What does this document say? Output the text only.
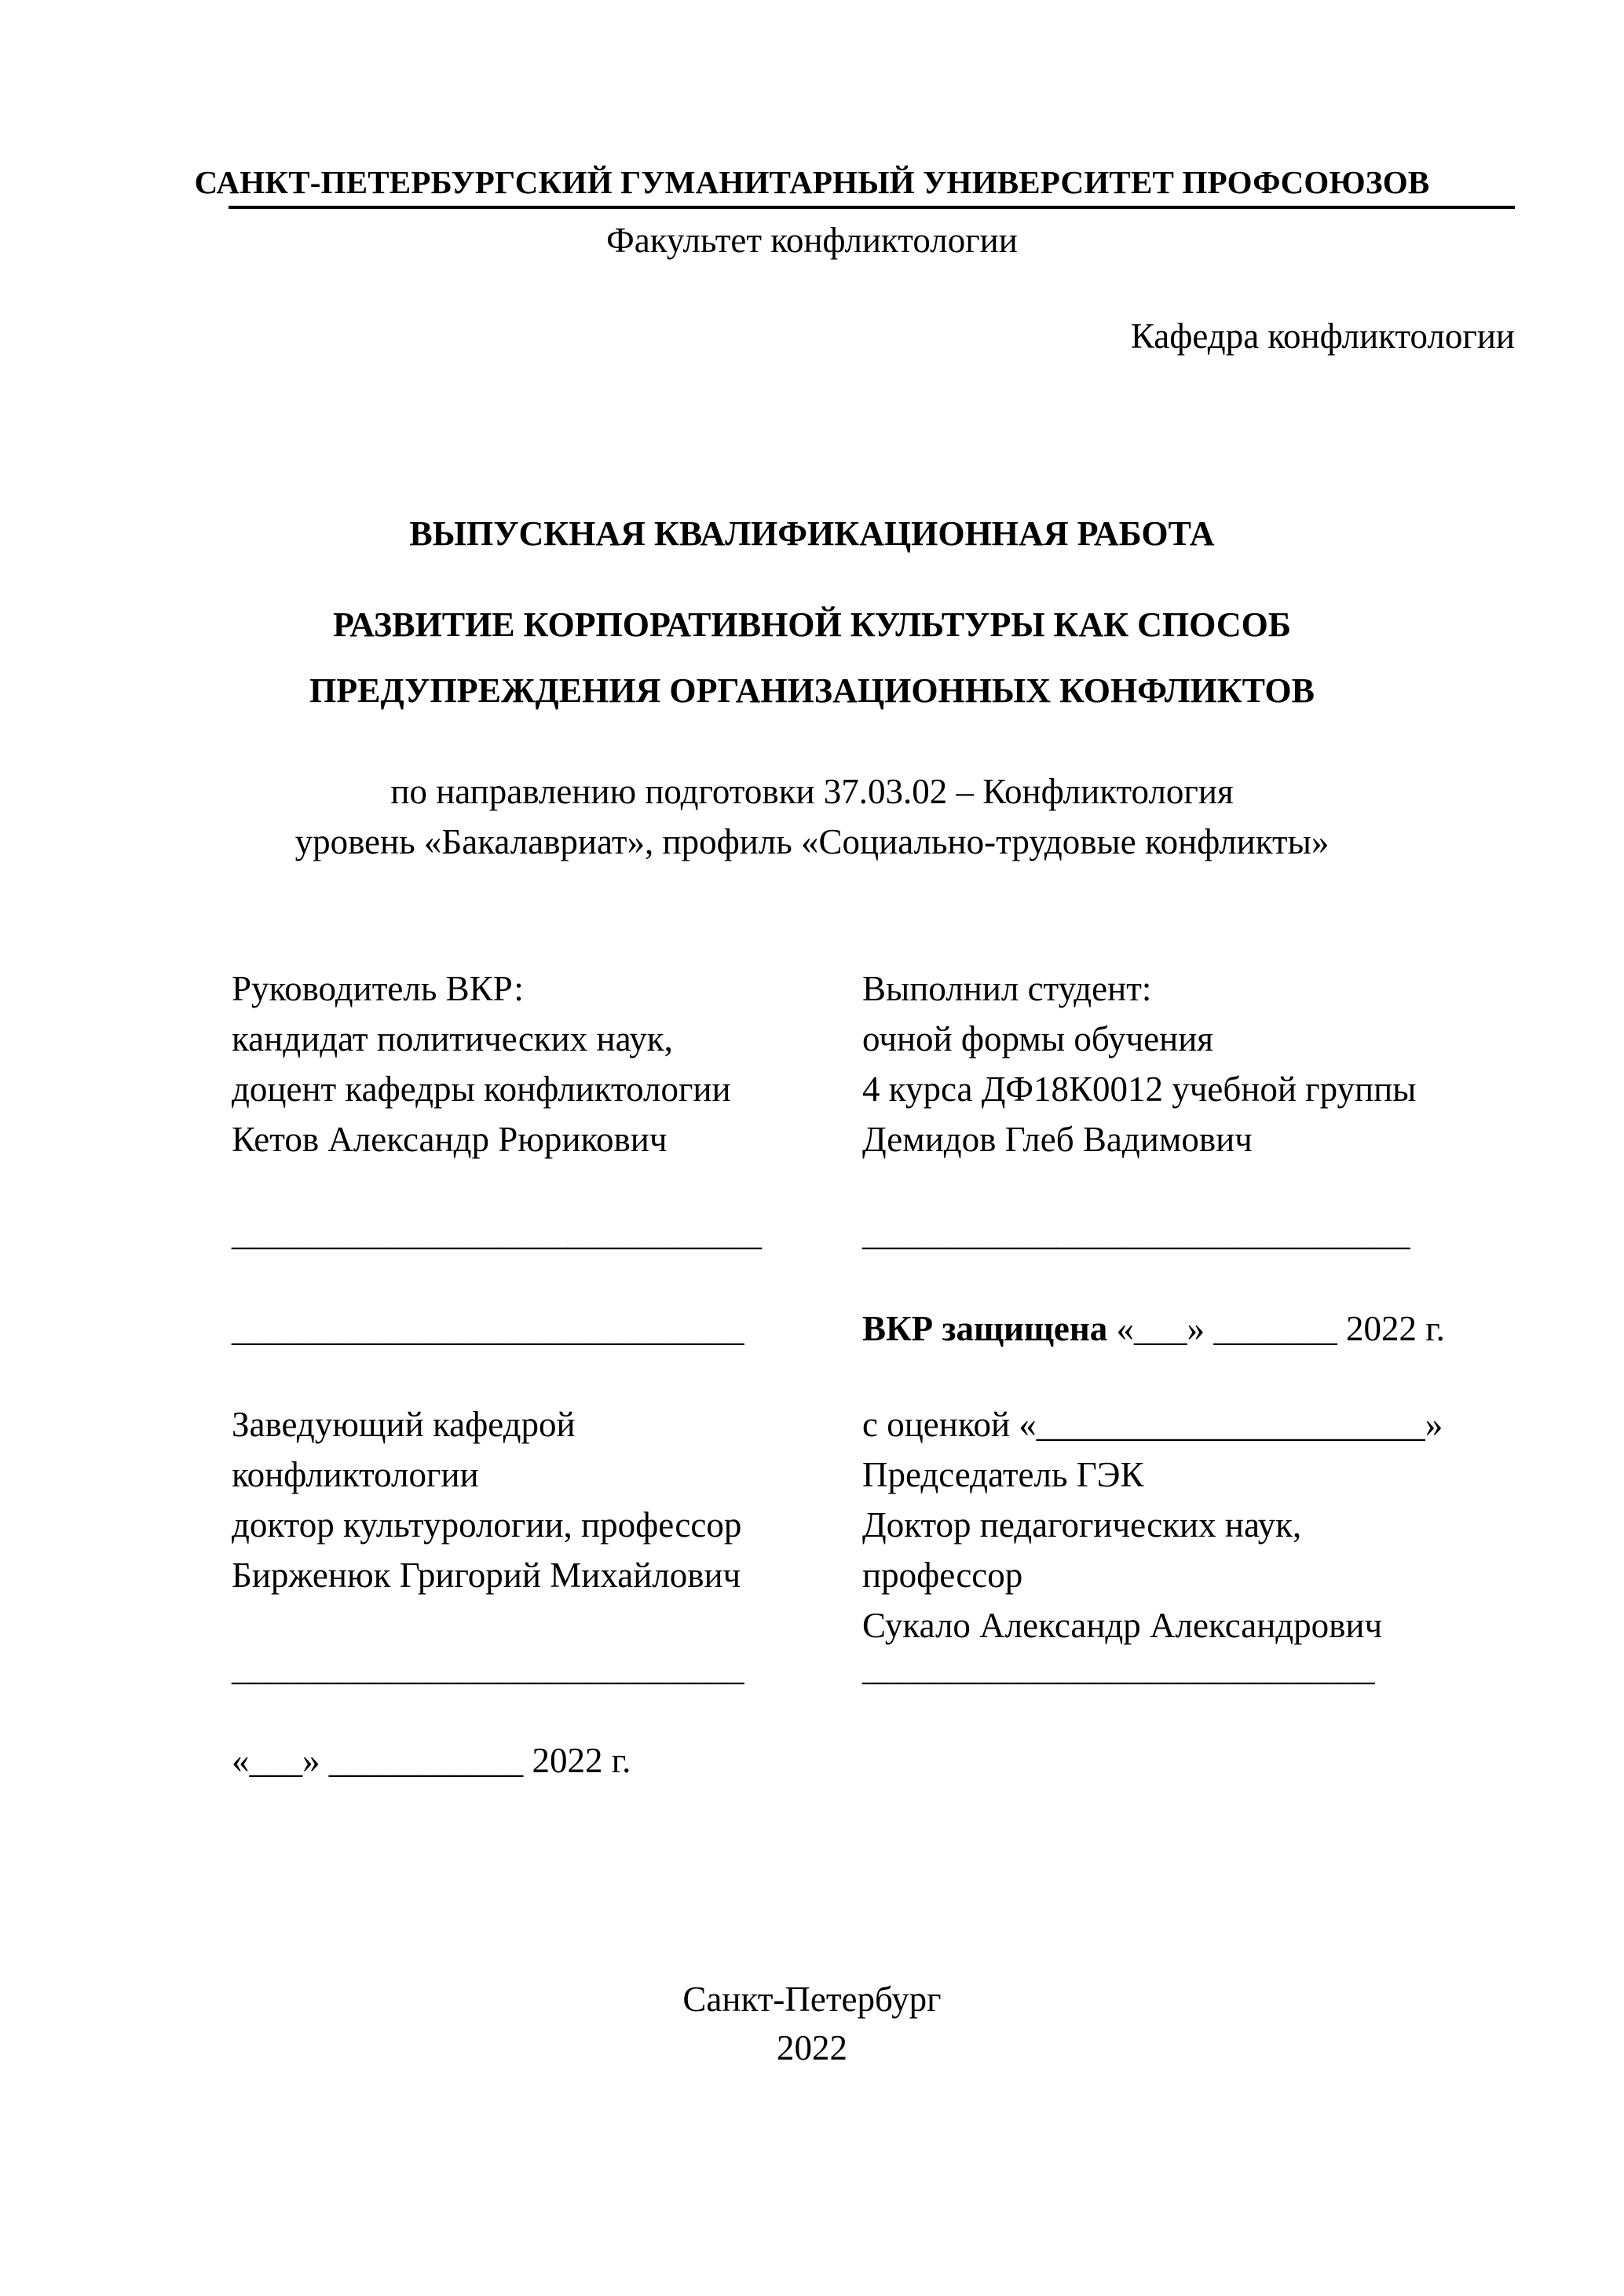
САНКТ-ПЕТЕРБУРГСКИЙ ГУМАНИТАРНЫЙ УНИВЕРСИТЕТ ПРОФСОЮЗОВ
Факультет конфликтологии
Кафедра конфликтологии
ВЫПУСКНАЯ КВАЛИФИКАЦИОННАЯ РАБОТА
РАЗВИТИЕ КОРПОРАТИВНОЙ КУЛЬТУРЫ КАК СПОСОБ
ПРЕДУПРЕЖДЕНИЯ ОРГАНИЗАЦИОННЫХ КОНФЛИКТОВ
по направлению подготовки 37.03.02 – Конфликтология
уровень «Бакалавриат», профиль «Социально-трудовые конфликты»
Руководитель ВКР:
кандидат политических наук,
доцент кафедры конфликтологии
Кетов Александр Рюрикович
______________________________
_____________________________
Выполнил студент:
очной формы обучения
4 курса ДФ18К0012 учебной группы
Демидов Глеб Вадимович
_______________________________
ВКР защищена «___» _______ 2022 г.
Заведующий кафедрой
конфликтологии
доктор культурологии, профессор
Бирженюк Григорий Михайлович
_____________________________
«___» ___________ 2022 г.
с оценкой «______________________»
Председатель ГЭК
Доктор педагогических наук,
профессор
Сукало Александр Александрович
_____________________________
Санкт-Петербург
2022
